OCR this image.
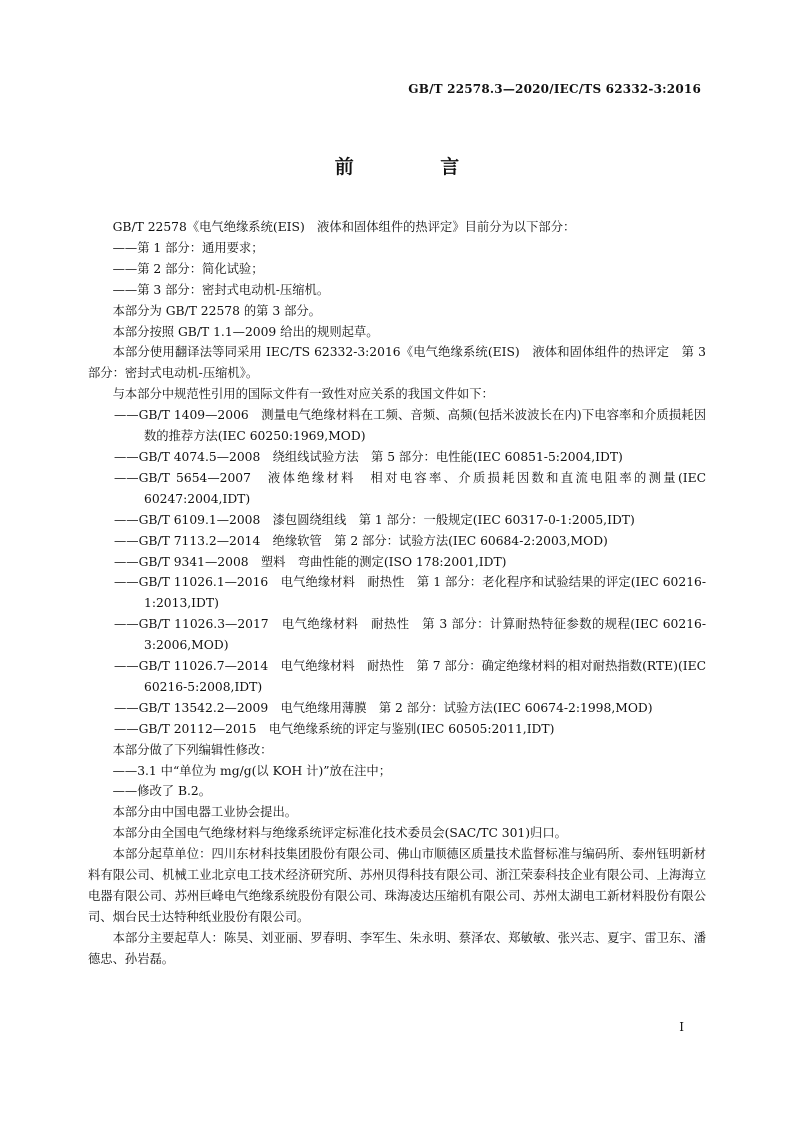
GB/T 22578.3—2020/IEC/TS 62332-3:2016
前 言

GB/T 22578《电气绝缘系统(EIS)　液体和固体组件的热评定》目前分为以下部分：

——第 1 部分：通用要求；

——第 2 部分：简化试验；

——第 3 部分：密封式电动机-压缩机。

本部分为 GB/T 22578 的第 3 部分。

本部分按照 GB/T 1.1—2009 给出的规则起草。

本部分使用翻译法等同采用 IEC/TS 62332-3:2016《电气绝缘系统(EIS)　液体和固体组件的热评定　第 3 部分：密封式电动机-压缩机》。

与本部分中规范性引用的国际文件有一致性对应关系的我国文件如下：

——GB/T 1409—2006　测量电气绝缘材料在工频、音频、高频(包括米波波长在内)下电容率和介质损耗因数的推荐方法(IEC 60250:1969,MOD)

——GB/T 4074.5—2008　绕组线试验方法　第 5 部分：电性能(IEC 60851-5:2004,IDT)

——GB/T 5654—2007　液体绝缘材料　相对电容率、介质损耗因数和直流电阻率的测量(IEC 60247:2004,IDT)

——GB/T 6109.1—2008　漆包圆绕组线　第 1 部分：一般规定(IEC 60317-0-1:2005,IDT)

——GB/T 7113.2—2014　绝缘软管　第 2 部分：试验方法(IEC 60684-2:2003,MOD)

——GB/T 9341—2008　塑料　弯曲性能的测定(ISO 178:2001,IDT)

——GB/T 11026.1—2016　电气绝缘材料　耐热性　第 1 部分：老化程序和试验结果的评定(IEC 60216-1:2013,IDT)

——GB/T 11026.3—2017　电气绝缘材料　耐热性　第 3 部分：计算耐热特征参数的规程(IEC 60216-3:2006,MOD)

——GB/T 11026.7—2014　电气绝缘材料　耐热性　第 7 部分：确定绝缘材料的相对耐热指数(RTE)(IEC 60216-5:2008,IDT)

——GB/T 13542.2—2009　电气绝缘用薄膜　第 2 部分：试验方法(IEC 60674-2:1998,MOD)

——GB/T 20112—2015　电气绝缘系统的评定与鉴别(IEC 60505:2011,IDT)

本部分做了下列编辑性修改：

——3.1 中“单位为 mg/g(以 KOH 计)”放在注中；

——修改了 B.2。

本部分由中国电器工业协会提出。

本部分由全国电气绝缘材料与绝缘系统评定标准化技术委员会(SAC/TC 301)归口。

本部分起草单位：四川东材科技集团股份有限公司、佛山市顺德区质量技术监督标准与编码所、泰州钰明新材料有限公司、机械工业北京电工技术经济研究所、苏州贝得科技有限公司、浙江荣泰科技企业有限公司、上海海立电器有限公司、苏州巨峰电气绝缘系统股份有限公司、珠海凌达压缩机有限公司、苏州太湖电工新材料股份有限公司、烟台民士达特种纸业股份有限公司。

本部分主要起草人：陈昊、刘亚丽、罗春明、李军生、朱永明、蔡泽农、郑敏敏、张兴志、夏宇、雷卫东、潘德忠、孙岩磊。

I
